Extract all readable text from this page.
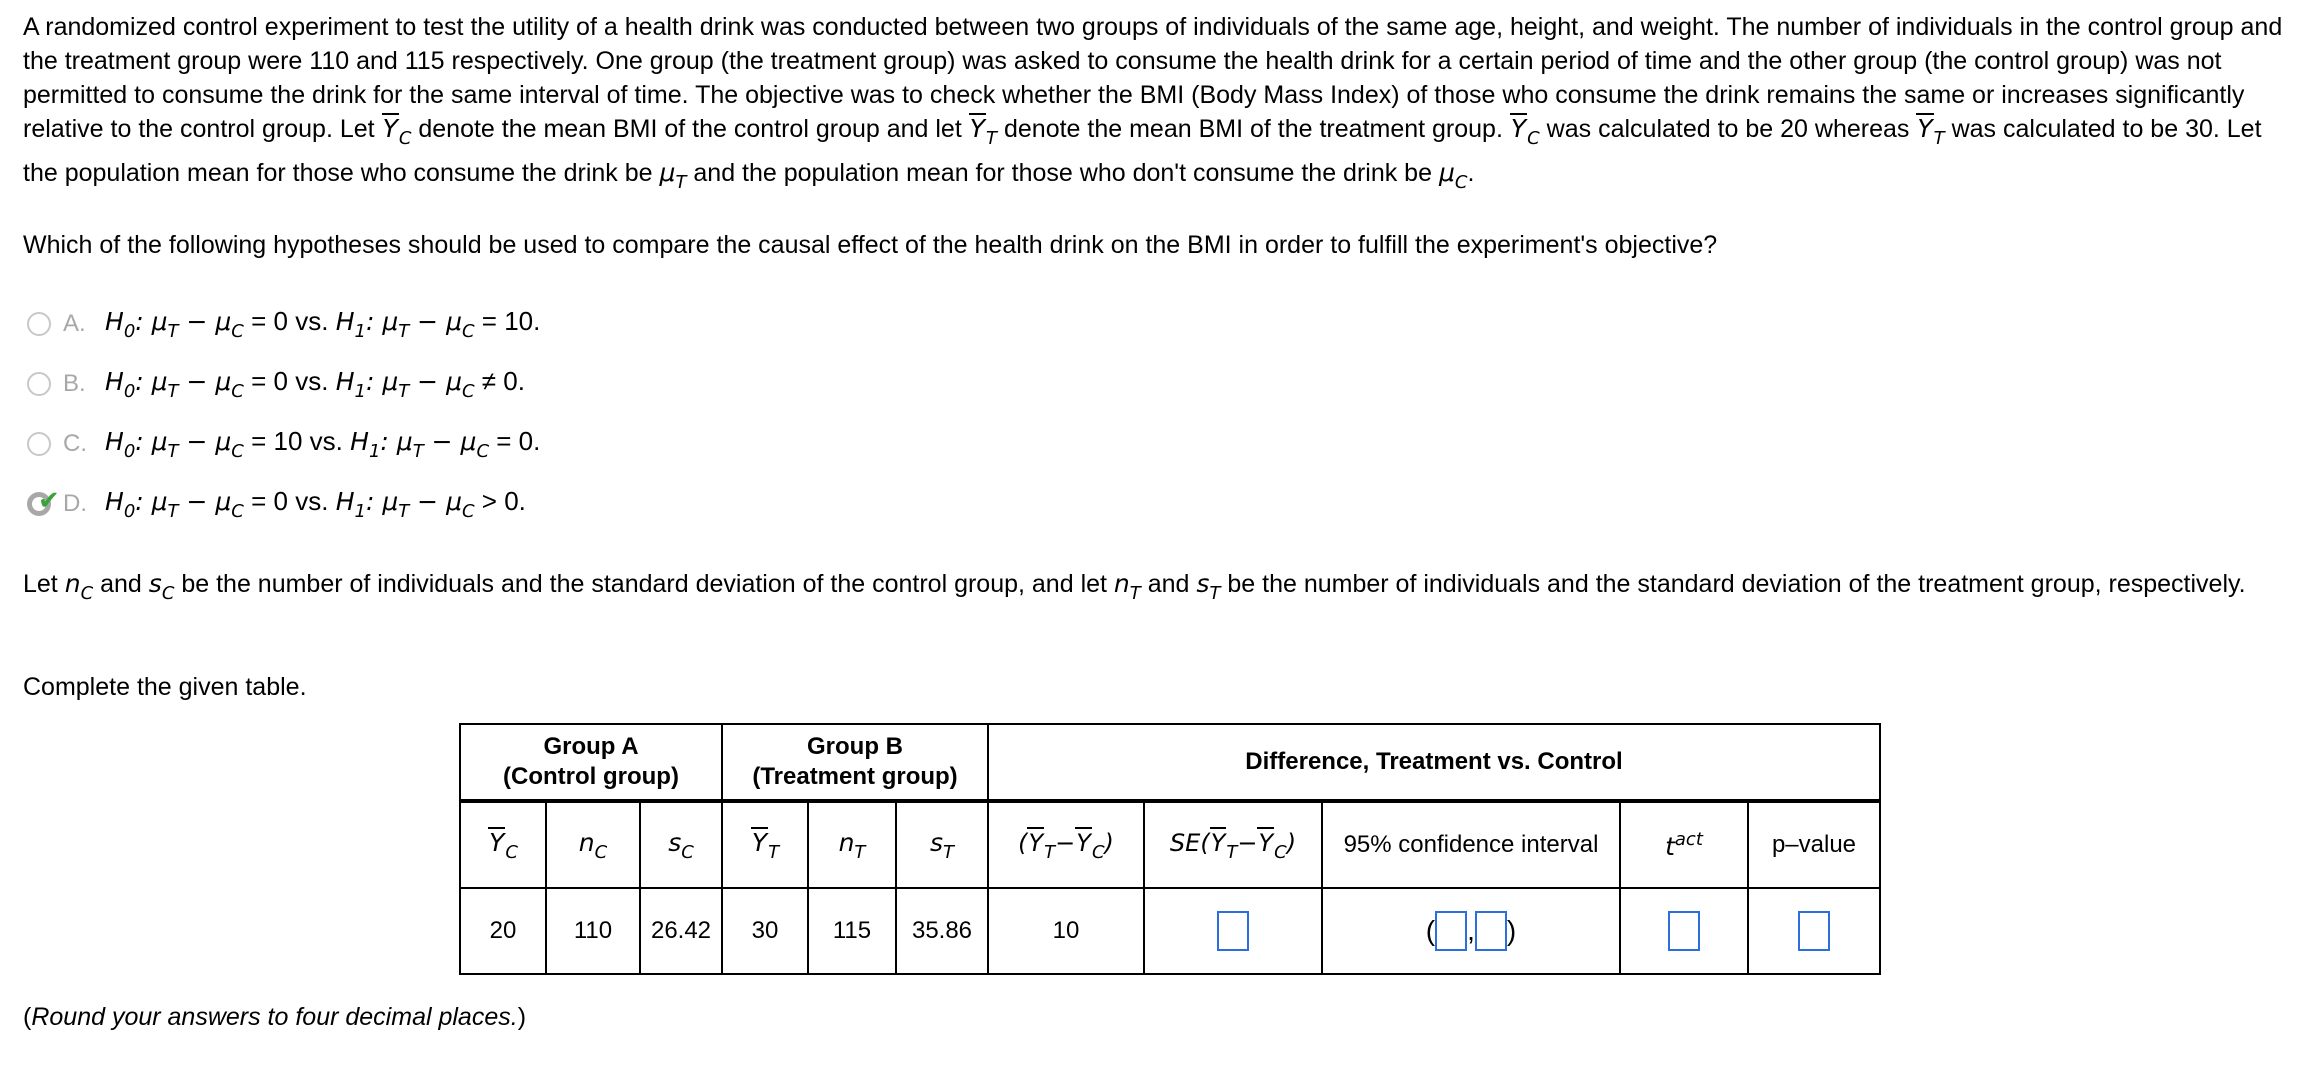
A randomized control experiment to test the utility of a health drink was conducted between two groups of individuals of the same age, height, and weight. The number of individuals in the control group and the treatment group were 110 and 115 respectively. One group (the treatment group) was asked to consume the health drink for a certain period of time and the other group (the control group) was not permitted to consume the drink for the same interval of time. The objective was to check whether the BMI (Body Mass Index) of those who consume the drink remains the same or increases significantly relative to the control group. Let $Y_C$ denote the mean BMI of the control group and let $Y_T$ denote the mean BMI of the treatment group. $Y_C$ was calculated to be 20 whereas $Y_T$ was calculated to be 30. Let the population mean for those who consume the drink be $\mu_T$ and the population mean for those who don't consume the drink be $\mu_C$.

Which of the following hypotheses should be used to compare the causal effect of the health drink on the BMI in order to fulfill the experiment's objective?

A. $H_0$: $\mu_T - \mu_C = 0$ vs. $H_1$: $\mu_T - \mu_C = 10$.
B. $H_0$: $\mu_T - \mu_C = 0$ vs. $H_1$: $\mu_T - \mu_C \ne 0$.
C. $H_0$: $\mu_T - \mu_C = 10$ vs. $H_1$: $\mu_T - \mu_C = 0$.
✔ D. $H_0$: $\mu_T - \mu_C = 0$ vs. $H_1$: $\mu_T - \mu_C > 0$.

Let $n_C$ and $s_C$ be the number of individuals and the standard deviation of the control group, and let $n_T$ and $s_T$ be the number of individuals and the standard deviation of the treatment group, respectively.

Complete the given table.

Group A
(Control group)			Group B
(Treatment group)			Difference, Treatment vs. Control				
$Y_C$	$n_C$	$s_C$	$Y_T$	$n_T$	$s_T$	$(Y_T-Y_C)$	$SE(Y_T-Y_C)$	95% confidence interval	$t^{act}$	p–value
20	110	26.42	30	115	35.86	10		( , )		

(Round your answers to four decimal places.)
